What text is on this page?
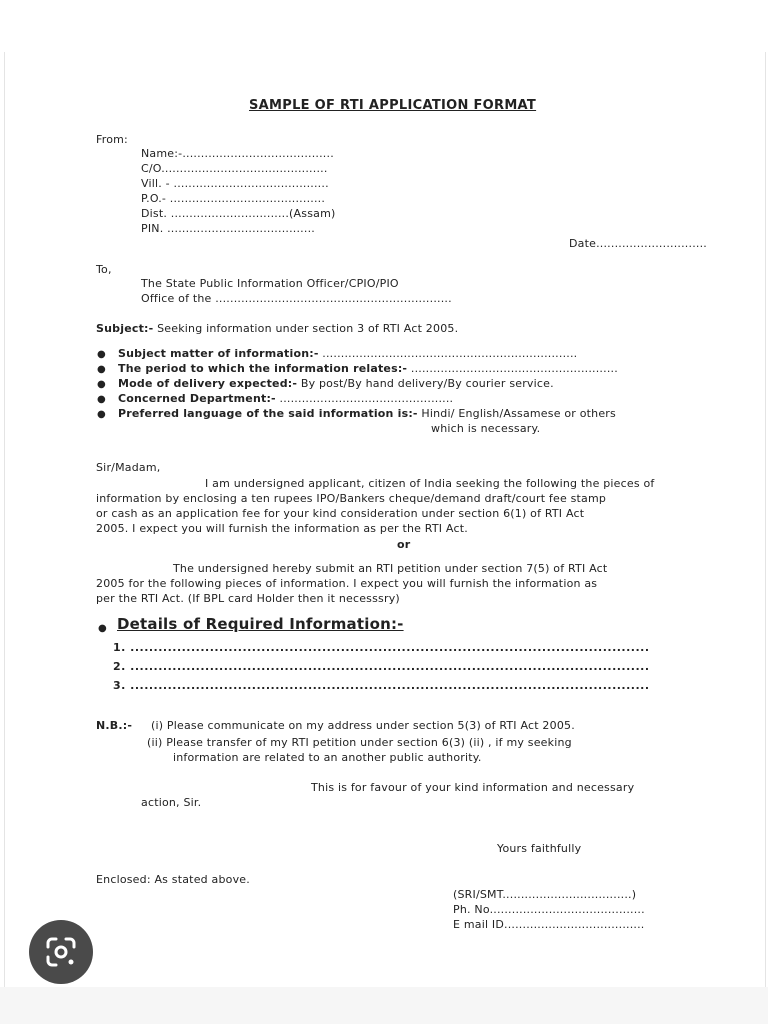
SAMPLE OF RTI APPLICATION FORMAT
From:
Name:-.........................................
C/O.............................................
Vill. - ..........................................
P.O.- ..........................................
Dist. ................................(Assam)
PIN. ........................................
Date..............................
To,
The State Public Information Officer/CPIO/PIO
Office of the ................................................................
Subject:- Seeking information under section 3 of RTI Act 2005.
● Subject matter of information:- .....................................................................
● The period to which the information relates:- ........................................................
● Mode of delivery expected:- By post/By hand delivery/By courier service.
● Concerned Department:- ...............................................
● Preferred language of the said information is:- Hindi/ English/Assamese or others
which is necessary.
Sir/Madam,
I am undersigned applicant, citizen of India seeking the following the pieces of
information by enclosing a ten rupees IPO/Bankers cheque/demand draft/court fee stamp
or cash as an application fee for your kind consideration under section 6(1) of RTI Act
2005. I expect you will furnish the information as per the RTI Act.
or
The undersigned hereby submit an RTI petition under section 7(5) of RTI Act
2005 for the following pieces of information. I expect you will furnish the information as
per the RTI Act. (If BPL card Holder then it necesssry)
● Details of Required Information:-
1. ...............................................................................................................
2. ...............................................................................................................
3. ...............................................................................................................
N.B.:- (i) Please communicate on my address under section 5(3) of RTI Act 2005.
(ii) Please transfer of my RTI petition under section 6(3) (ii) , if my seeking
information are related to an another public authority.
This is for favour of your kind information and necessary
action, Sir.
Yours faithfully
Enclosed: As stated above.
(SRI/SMT...................................)
Ph. No..........................................
E mail ID......................................
